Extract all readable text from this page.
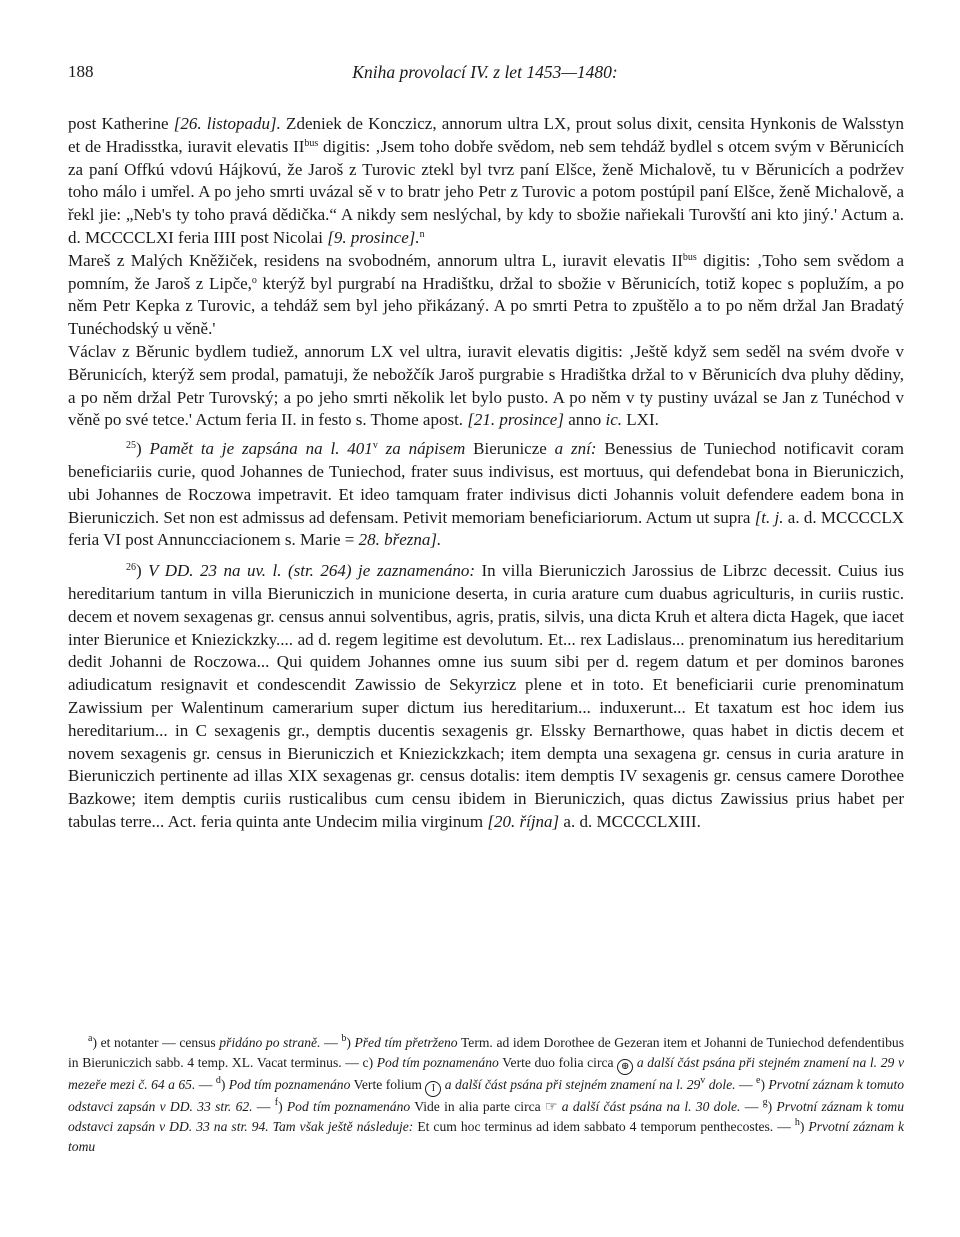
188	Kniha provolací IV. z let 1453—1480:

post Katherine [26. listopadu]. Zdeniek de Konczicz, annorum ultra LX, prout solus dixit, censita Hynkonis de Walsstyn et de Hradisstka, iuravit elevatis $II^{bus}$ digitis: ‚Jsem toho dobře svědom, neb sem tehdáž bydlel s otcem svým v Běrunicích za paní Offkú vdovú Hájkovú, že Jaroš z Turovic ztekl byl tvrz paní Elšce, ženě Michalově, tu v Běrunicích a podržev toho málo i umřel. A po jeho smrti uvázal sě v to bratr jeho Petr z Turovic a potom postúpil paní Elšce, ženě Michalově, a řekl jie: „Neb's ty toho pravá dědička.“ A nikdy sem neslýchal, by kdy to sbožie nařiekali Turovští ani kto jiný.' Actum a. d. MCCCCLXI feria IIII post Nicolai [9. prosince].$^n$

Mareš z Malých Kněžiček, residens na svobodném, annorum ultra L, iuravit elevatis $II^{bus}$ digitis: ‚Toho sem svědom a pomním, že Jaroš z Lipče,$^o$ kterýž byl purgrabí na Hradištku, držal to sbožie v Běrunicích, totiž kopec s poplužím, a po něm Petr Kepka z Turovic, a tehdáž sem byl jeho přikázaný. A po smrti Petra to zpuštělo a to po něm držal Jan Bradatý Tunéchodský u věně.'

Václav z Běrunic bydlem tudiež, annorum LX vel ultra, iuravit elevatis digitis: ‚Ještě když sem seděl na svém dvoře v Běrunicích, kterýž sem prodal, pamatuji, že nebožčík Jaroš purgrabie s Hradištka držal to v Běrunicích dva pluhy dědiny, a po něm držal Petr Turovský; a po jeho smrti několik let bylo pusto. A po něm v ty pustiny uvázal se Jan z Tunéchod v věně po své tetce.' Actum feria II. in festo s. Thome apost. [21. prosince] anno ic. LXI.

$^{25}$) Pamět ta je zapsána na l. 401$^v$ za nápisem Bierunicze a zní: Benessius de Tuniechod notificavit coram beneficiariis curie, quod Johannes de Tuniechod, frater suus indivisus, est mortuus, qui defendebat bona in Bieruniczich, ubi Johannes de Roczowa impetravit. Et ideo tamquam frater indivisus dicti Johannis voluit defendere eadem bona in Bieruniczich. Set non est admissus ad defensam. Petivit memoriam beneficiariorum. Actum ut supra [t. j. a. d. MCCCCLX feria VI post Annuncciacionem s. Marie = 28. března].

$^{26}$) V DD. 23 na uv. l. (str. 264) je zaznamenáno: In villa Bieruniczich Jarossius de Librzc decessit. Cuius ius hereditarium tantum in villa Bieruniczich in municione deserta, in curia arature cum duabus agriculturis, in curiis rustic. decem et novem sexagenas gr. census annui solventibus, agris, pratis, silvis, una dicta Kruh et altera dicta Hagek, que iacet inter Bierunice et Kniezickzky.... ad d. regem legitime est devolutum. Et... rex Ladislaus... prenominatum ius hereditarium dedit Johanni de Roczowa... Qui quidem Johannes omne ius suum sibi per d. regem datum et per dominos barones adiudicatum resignavit et condescendit Zawissio de Sekyrzicz plene et in toto. Et beneficiarii curie prenominatum Zawissium per Walentinum camerarium super dictum ius hereditarium... induxerunt... Et taxatum est hoc idem ius hereditarium... in C sexagenis gr., demptis ducentis sexagenis gr. Elssky Bernarthowe, quas habet in dictis decem et novem sexagenis gr. census in Bieruniczich et Kniezickzkach; item dempta una sexagena gr. census in curia arature in Bieruniczich pertinente ad illas XIX sexagenas gr. census dotalis: item demptis IV sexagenis gr. census camere Dorothee Bazkowe; item demptis curiis rusticalibus cum censu ibidem in Bieruniczich, quas dictus Zawissius prius habet per tabulas terre... Act. feria quinta ante Undecim milia virginum [20. října] a. d. MCCCCLXIII.

$^a$) et notanter — census přidáno po straně. — $^b$) Před tím přetrženo Term. ad idem Dorothee de Gezeran item et Johanni de Tuniechod defendentibus in Bieruniczich sabb. 4 temp. XL. Vacat terminus. — c) Pod tím poznamenáno Verte duo folia circa ⊕ a další část psána při stejném znamení na l. 29 v mezeře mezi č. 64 a 65. — $^d$) Pod tím poznamenáno Verte folium I a další část psána při stejném znamení na l. 29$^v$ dole. — $^e$) Prvotní záznam k tomuto odstavci zapsán v DD. 33 str. 62. — $^f$) Pod tím poznamenáno Vide in alia parte circa ☞ a další část psána na l. 30 dole. — $^g$) Prvotní záznam k tomu odstavci zapsán v DD. 33 na str. 94. Tam však ještě následuje: Et cum hoc terminus ad idem sabbato 4 temporum penthecostes. — $^h$) Prvotní záznam k tomu
